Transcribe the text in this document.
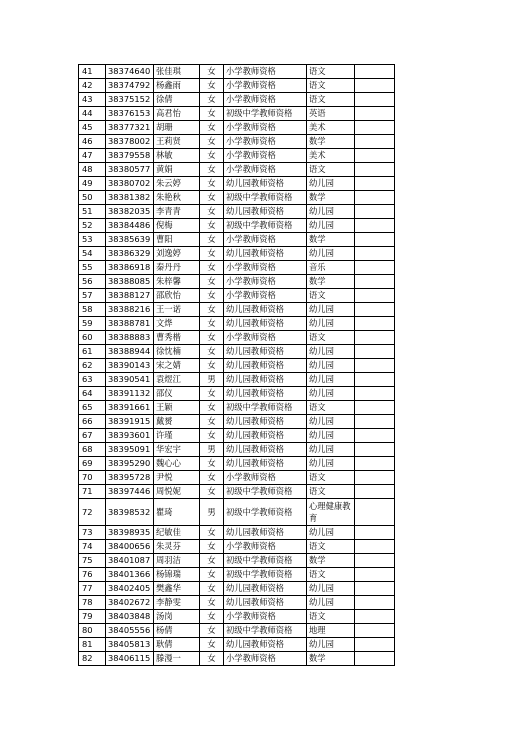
41	38374640	张佳琪	女	小学教师资格	语文	
42	38374792	杨鑫雨	女	小学教师资格	语文	
43	38375152	徐倩	女	小学教师资格	语文	
44	38376153	高君怡	女	初级中学教师资格	英语	
45	38377321	胡珊	女	小学教师资格	美术	
46	38378002	王莉贤	女	小学教师资格	数学	
47	38379558	林敏	女	小学教师资格	美术	
48	38380577	黄娟	女	小学教师资格	语文	
49	38380702	朱云婷	女	幼儿园教师资格	幼儿园	
50	38381382	朱艳秋	女	初级中学教师资格	数学	
51	38382035	李青青	女	幼儿园教师资格	幼儿园	
52	38384486	倪梅	女	初级中学教师资格	幼儿园	
53	38385639	曹阳	女	小学教师资格	数学	
54	38386329	刘逸婷	女	幼儿园教师资格	幼儿园	
55	38386918	秦丹丹	女	小学教师资格	音乐	
56	38388085	朱梓馨	女	小学教师资格	数学	
57	38388127	邵欣怡	女	小学教师资格	语文	
58	38388216	王一诺	女	幼儿园教师资格	幼儿园	
59	38388781	文烨	女	幼儿园教师资格	幼儿园	
60	38388883	曹秀楷	女	小学教师资格	语文	
61	38388944	徐忱楠	女	幼儿园教师资格	幼儿园	
62	38390143	宋之婧	女	幼儿园教师资格	幼儿园	
63	38390541	袁煜江	男	幼儿园教师资格	幼儿园	
64	38391132	邵仪	女	幼儿园教师资格	幼儿园	
65	38391661	王颖	女	初级中学教师资格	语文	
66	38391915	戴赟	女	幼儿园教师资格	幼儿园	
67	38393601	许瑾	女	幼儿园教师资格	幼儿园	
68	38395091	华宏宇	男	幼儿园教师资格	幼儿园	
69	38395290	魏心心	女	幼儿园教师资格	幼儿园	
70	38395728	尹悦	女	小学教师资格	语文	
71	38397446	周悦妮	女	初级中学教师资格	语文	
72	38398532	瞿琦	男	初级中学教师资格	心理健康教育	
73	38398935	纪敏佳	女	幼儿园教师资格	幼儿园	
74	38400656	朱灵芬	女	小学教师资格	语文	
75	38401087	周羽洁	女	初级中学教师资格	数学	
76	38401366	杨锦瑞	女	初级中学教师资格	语文	
77	38402405	樊鑫华	女	幼儿园教师资格	幼儿园	
78	38402672	李静雯	女	幼儿园教师资格	幼儿园	
79	38403848	汤岗	女	小学教师资格	语文	
80	38405556	杨倩	女	初级中学教师资格	地理	
81	38405813	耿倩	女	幼儿园教师资格	幼儿园	
82	38406115	滕漫一	女	小学教师资格	数学	
